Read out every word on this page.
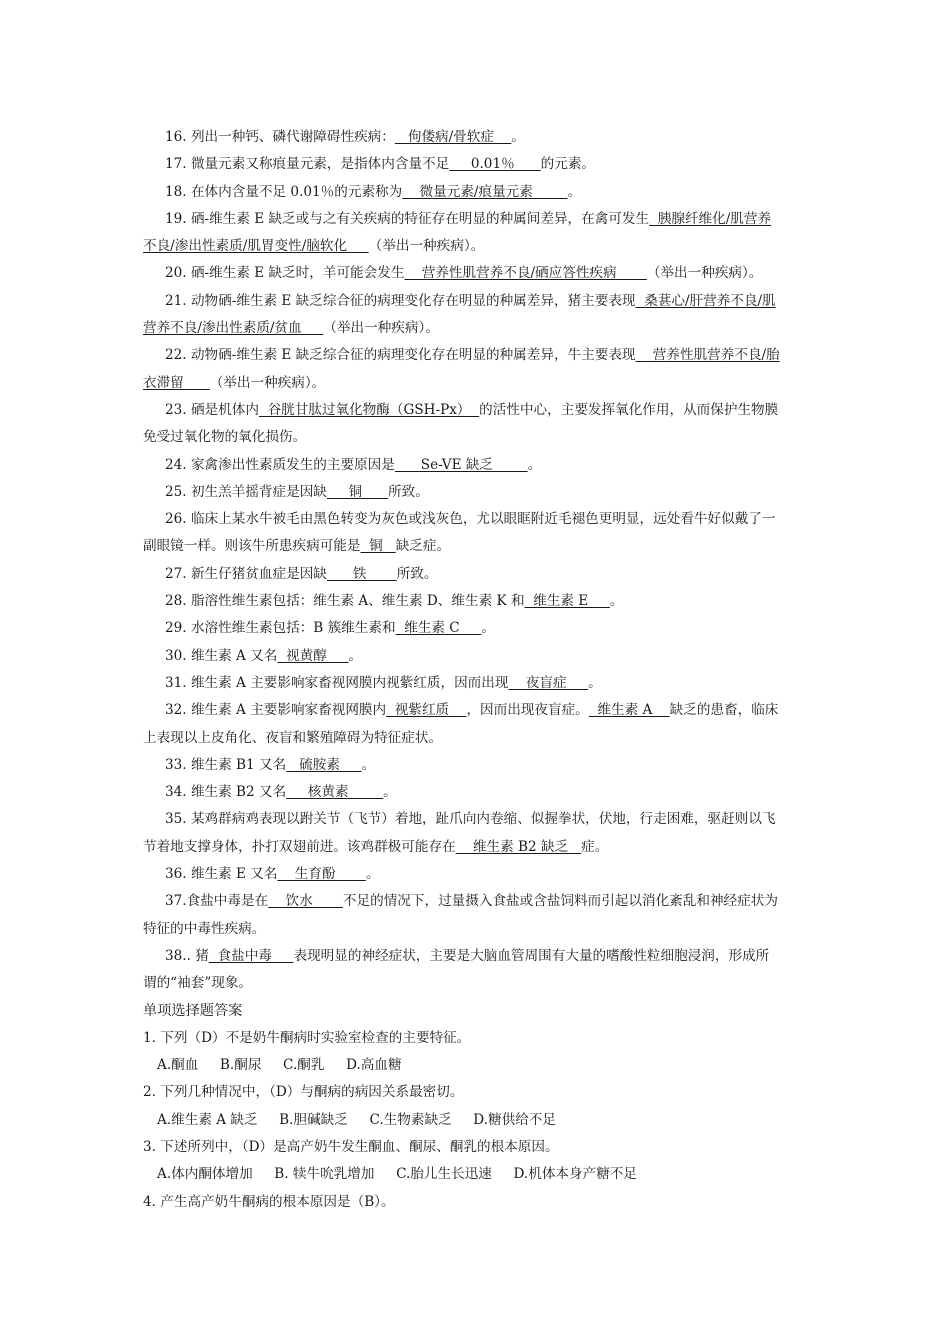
16. 列出一种钙、磷代谢障碍性疾病：   佝偻病/骨软症    。
17. 微量元素又称痕量元素，是指体内含量不足     0.01％      的元素。
18. 在体内含量不足 0.01％的元素称为    微量元素/痕量元素        。
19. 硒-维生素 E 缺乏或与之有关疾病的特征存在明显的种属间差异，在禽可发生  胰腺纤维化/肌营养
不良/渗出性素质/肌胃变性/脑软化     （举出一种疾病）。
20. 硒-维生素 E 缺乏时，羊可能会发生    营养性肌营养不良/硒应答性疾病       （举出一种疾病）。
21. 动物硒-维生素 E 缺乏综合征的病理变化存在明显的种属差异，猪主要表现  桑葚心/肝营养不良/肌
营养不良/渗出性素质/贫血     （举出一种疾病）。
22. 动物硒-维生素 E 缺乏综合征的病理变化存在明显的种属差异，牛主要表现    营养性肌营养不良/胎
衣滞留      （举出一种疾病）。
23. 硒是机体内  谷胱甘肽过氧化物酶（GSH-Px）  的活性中心，主要发挥氧化作用，从而保护生物膜
免受过氧化物的氧化损伤。
24. 家禽渗出性素质发生的主要原因是      Se-VE 缺乏        。
25. 初生羔羊摇背症是因缺     铜      所致。
26. 临床上某水牛被毛由黑色转变为灰色或浅灰色，尤以眼眶附近毛褪色更明显，远处看牛好似戴了一
副眼镜一样。则该牛所患疾病可能是  铜   缺乏症。
27. 新生仔猪贫血症是因缺      铁       所致。
28. 脂溶性维生素包括：维生素 A、维生素 D、维生素 K 和  维生素 E     。
29. 水溶性维生素包括：B 簇维生素和  维生素 C     。
30. 维生素 A 又名  视黄醇     。
31. 维生素 A 主要影响家畜视网膜内视紫红质，因而出现    夜盲症     。
32. 维生素 A 主要影响家畜视网膜内  视紫红质    ，因而出现夜盲症。  维生素 A    缺乏的患畜，临床
上表现以上皮角化、夜盲和繁殖障碍为特征症状。
33. 维生素 B1 又名   硫胺素     。
34. 维生素 B2 又名     核黄素        。
35. 某鸡群病鸡表现以跗关节（飞节）着地，趾爪向内卷缩、似握拳状，伏地，行走困难，驱赶则以飞
节着地支撑身体，扑打双翅前进。该鸡群极可能存在    维生素 B2 缺乏   症。
36. 维生素 E 又名    生育酚       。
37.食盐中毒是在    饮水       不足的情况下，过量摄入食盐或含盐饲料而引起以消化紊乱和神经症状为
特征的中毒性疾病。
38.. 猪  食盐中毒     表现明显的神经症状，主要是大脑血管周围有大量的嗜酸性粒细胞浸润，形成所
谓的“袖套”现象。
单项选择题答案
1. 下列（D）不是奶牛酮病时实验室检查的主要特征。
A.酮血     B.酮尿     C.酮乳     D.高血糖
2. 下列几种情况中，（D）与酮病的病因关系最密切。
A.维生素 A 缺乏     B.胆碱缺乏     C.生物素缺乏     D.糖供给不足
3. 下述所列中，（D）是高产奶牛发生酮血、酮尿、酮乳的根本原因。
A.体内酮体增加     B. 犊牛吮乳增加     C.胎儿生长迅速     D.机体本身产糖不足
4. 产生高产奶牛酮病的根本原因是（B）。
